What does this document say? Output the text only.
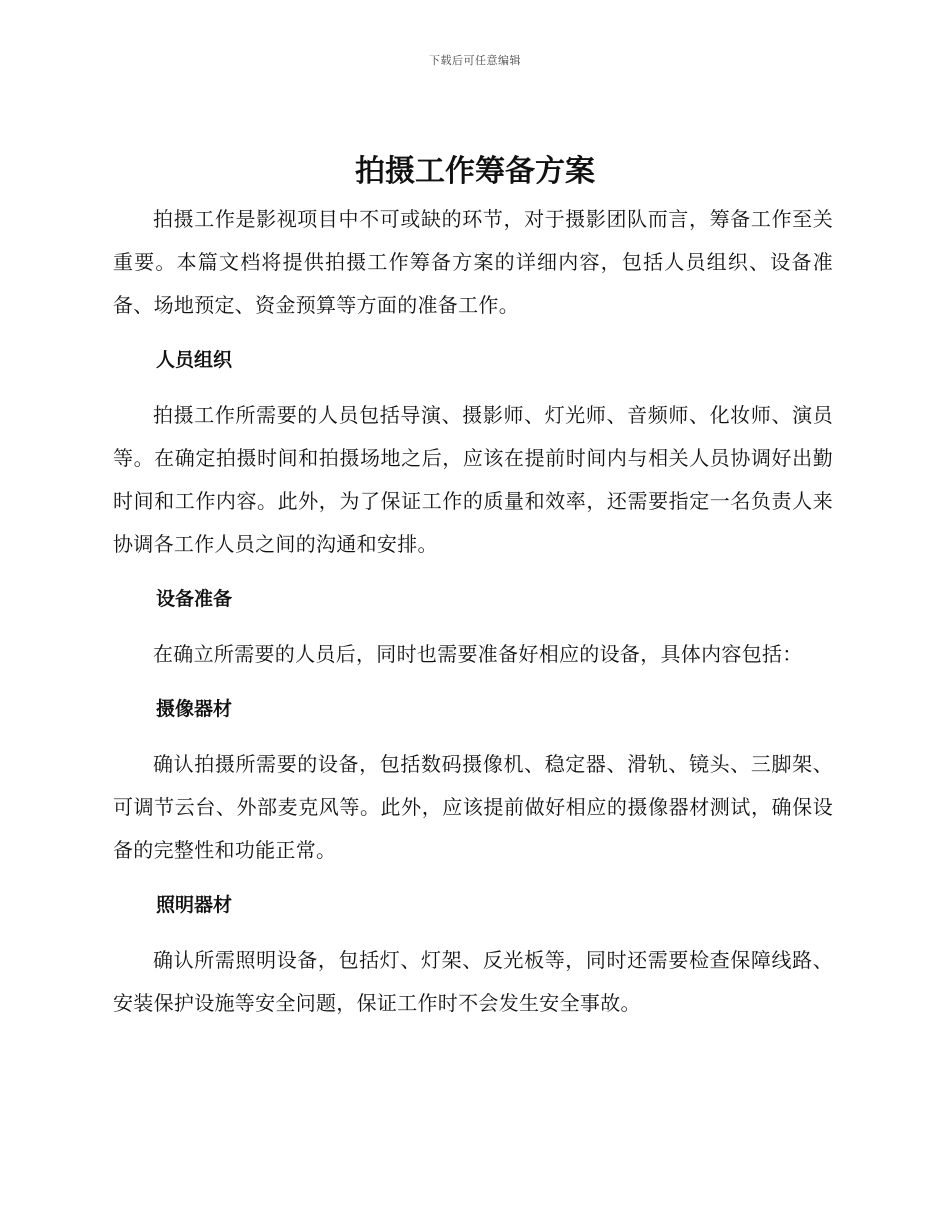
下载后可任意编辑
拍摄工作筹备方案

拍摄工作是影视项目中不可或缺的环节，对于摄影团队而言，筹备工作至关重要。本篇文档将提供拍摄工作筹备方案的详细内容，包括人员组织、设备准备、场地预定、资金预算等方面的准备工作。

人员组织

拍摄工作所需要的人员包括导演、摄影师、灯光师、音频师、化妆师、演员等。在确定拍摄时间和拍摄场地之后，应该在提前时间内与相关人员协调好出勤时间和工作内容。此外，为了保证工作的质量和效率，还需要指定一名负责人来协调各工作人员之间的沟通和安排。

设备准备

在确立所需要的人员后，同时也需要准备好相应的设备，具体内容包括：

摄像器材

确认拍摄所需要的设备，包括数码摄像机、稳定器、滑轨、镜头、三脚架、可调节云台、外部麦克风等。此外，应该提前做好相应的摄像器材测试，确保设备的完整性和功能正常。

照明器材

确认所需照明设备，包括灯、灯架、反光板等，同时还需要检查保障线路、安装保护设施等安全问题，保证工作时不会发生安全事故。
